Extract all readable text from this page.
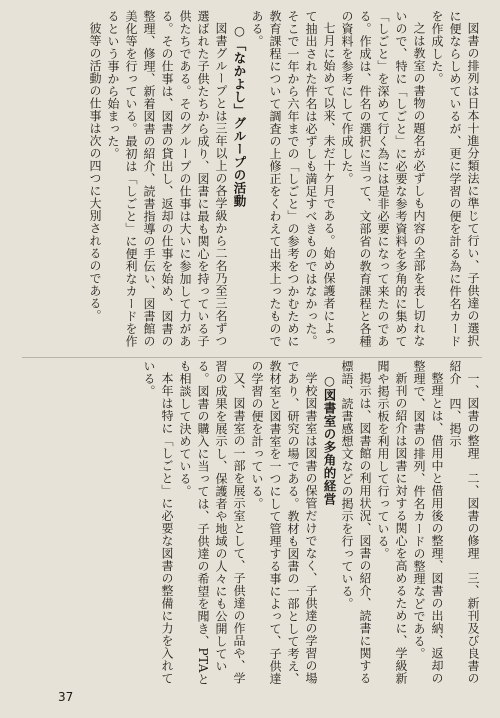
図書の排列は日本十進分類法に準じて行い、子供達の選択に便ならしめているが、更に学習の便を計る為に件名カードを作成した。

之は教室の書物の題名が必ずしも内容の全部を表し切れないので、特に「しごと」に必要な参考資料を多角的に集めて「しごと」を深めて行く為には是非必要になって来たのである。作成は、件名の選択に当って、文部省の教育課程と各種の資料を参考にして作成した。

七月に始めて以来、未だ十ケ月である。始め保護者によって抽出された件名は必ずしも満足すべきものではなかった。そこで一年から六年までの「しごと」の参考をつかむために教育課程について調査の上修正をくわえて出来上ったものである。

○「なかよし」グループの活動

図書グループとは三年以上の各学級から二名乃至三名ずつ選ばれた子供たちから成り、図書に最も関心を持っている子供たちである。そのグループの仕事は大いに参加して力がある。その仕事は、図書の貸出し、返却の仕事を始め、図書の整理、修理、新着図書の紹介、読書指導の手伝い、図書館の美化等を行っている。最初は「しごと」に便利なカードを作るという事から始まった。

彼等の活動の仕事は次の四つに大別されるのである。

一、図書の整理　二、図書の修理　三、新刊及び良書の紹介　四、掲示

整理とは、借用中と借用後の整理、図書の出納、返却の整理で、図書の排列、件名カードの整理などである。

新刊の紹介は図書に対する関心を高めるために、学級新聞や掲示板を利用して行っている。

掲示は、図書館の利用状況、図書の紹介、読書に関する標語、読書感想文などの掲示を行っている。

○図書室の多角的経営

学校図書室は図書の保管だけでなく、子供達の学習の場であり、研究の場である。教材も図書の一部として考え、教材室と図書室を一つにして管理する事によって、子供達の学習の便を計っている。

又、図書室の一部を展示室として、子供達の作品や、学習の成果を展示し、保護者や地域の人々にも公開している。図書の購入に当っては、子供達の希望を聞き、PTAとも相談して決めている。

本年は特に「しごと」に必要な図書の整備に力を入れている。

37
